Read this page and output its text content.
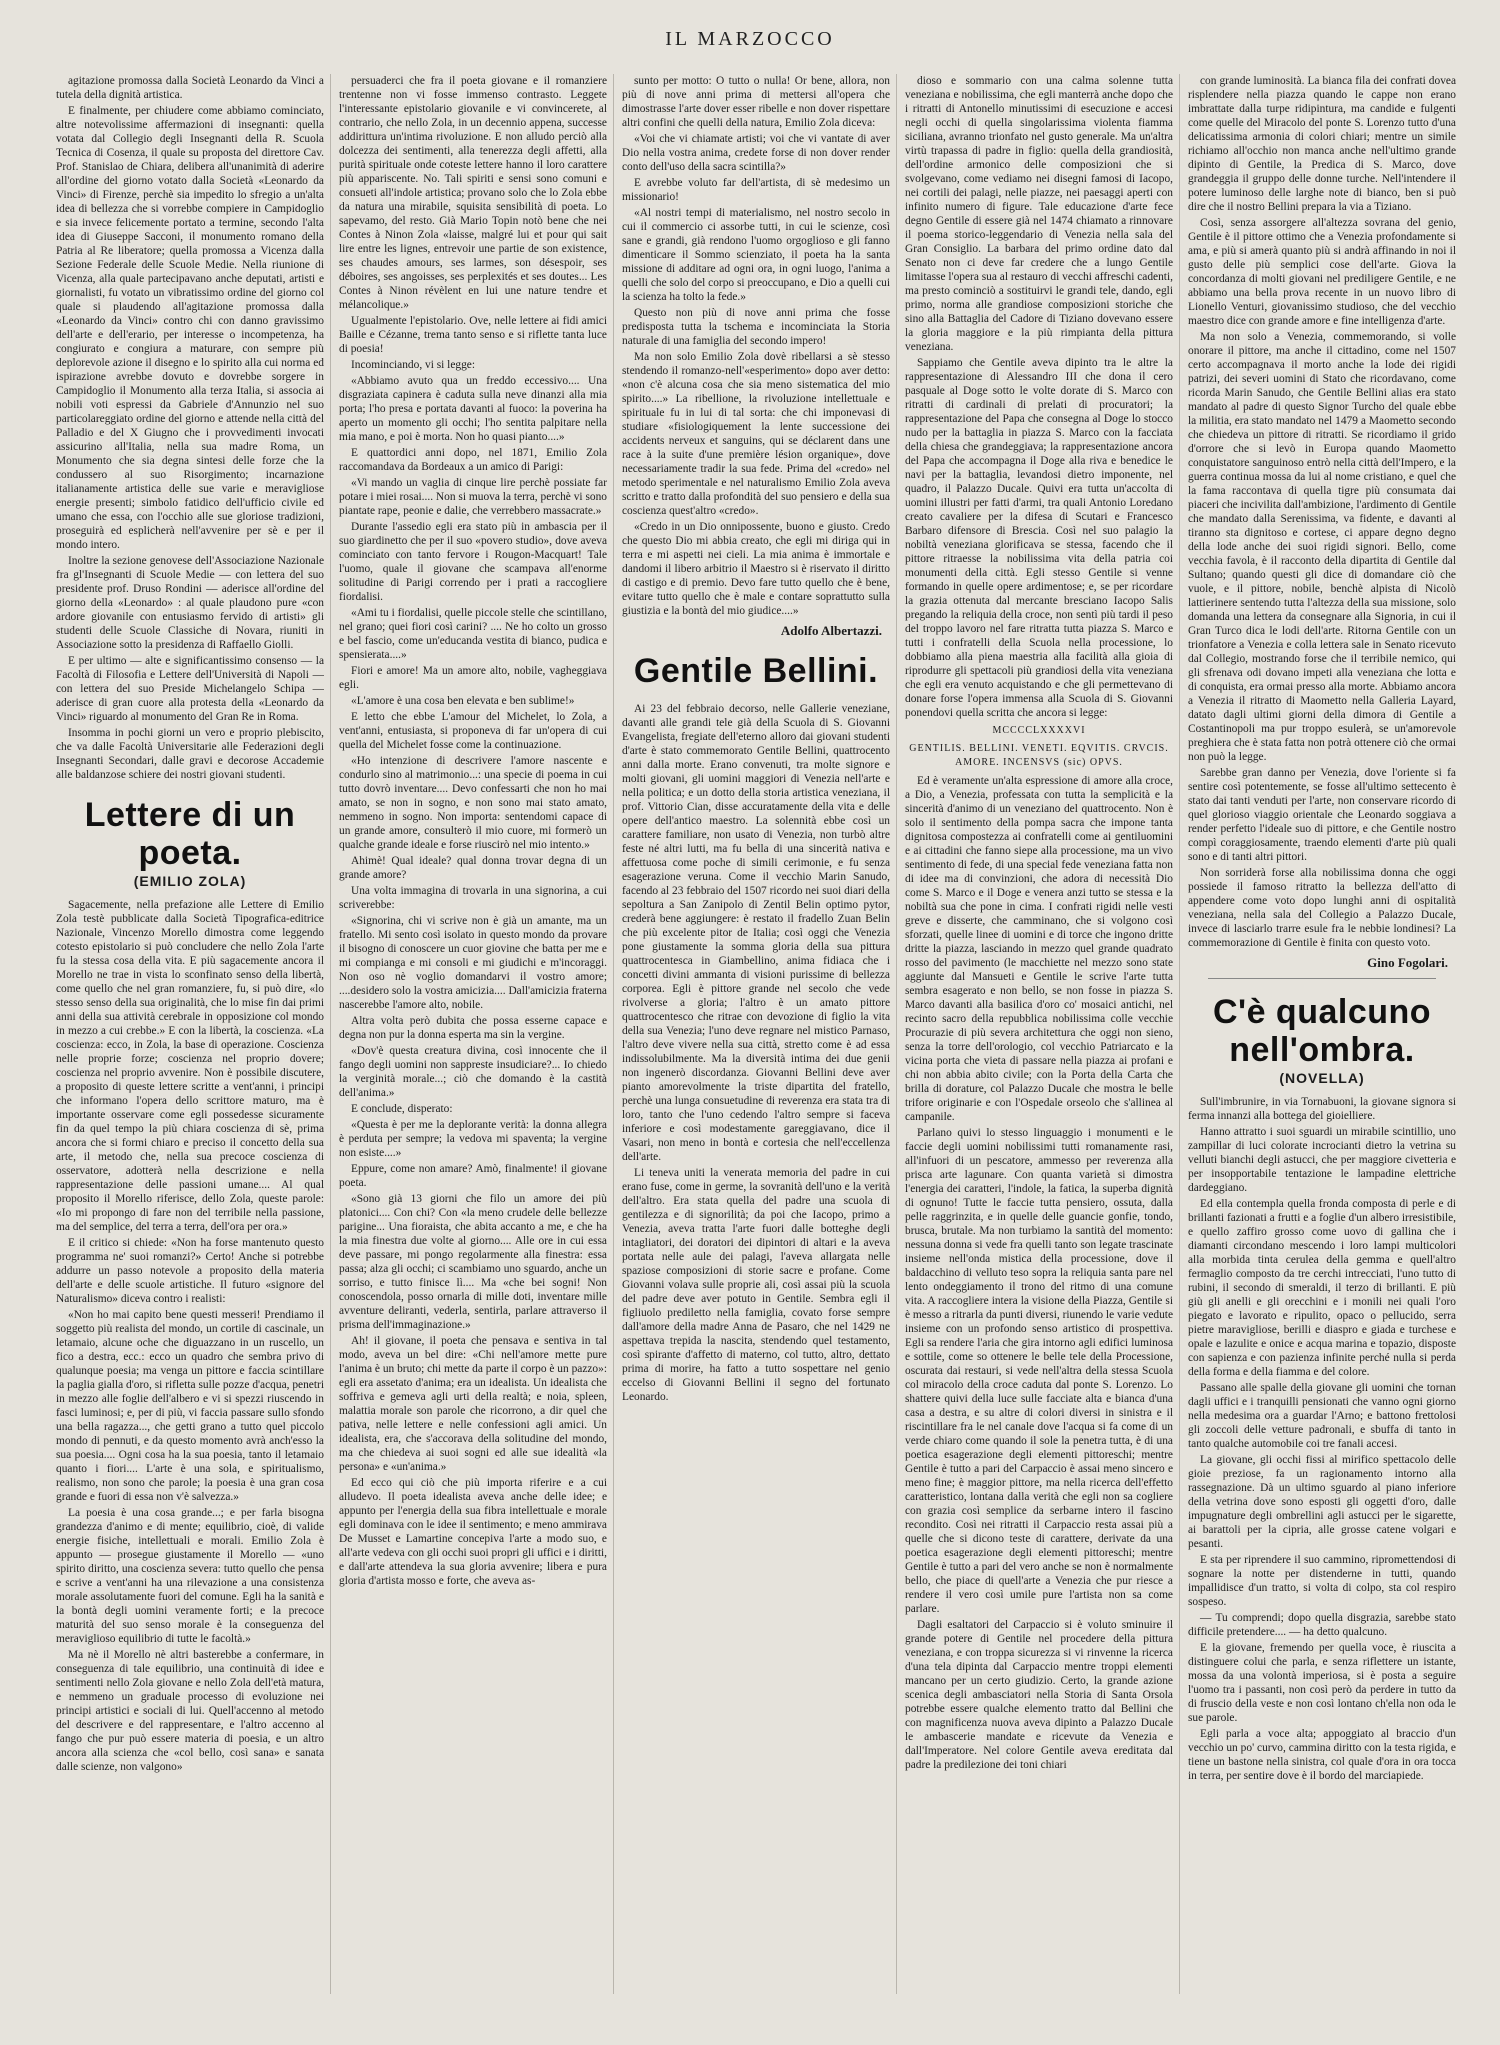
IL MARZOCCO

agitazione promossa dalla Società Leonardo da Vinci a tutela della dignità artistica.

E finalmente, per chiudere come abbiamo cominciato, altre notevolissime affermazioni di insegnanti: quella votata dal Collegio degli Insegnanti della R. Scuola Tecnica di Cosenza, il quale su proposta del direttore Cav. Prof. Stanislao de Chiara, delibera all'unanimità di aderire all'ordine del giorno votato dalla Società «Leonardo da Vinci» di Firenze, perchè sia impedito lo sfregio a un'alta idea di bellezza che si vorrebbe compiere in Campidoglio e sia invece felicemente portato a termine, secondo l'alta idea di Giuseppe Sacconi, il monumento romano della Patria al Re liberatore; quella promossa a Vicenza dalla Sezione Federale delle Scuole Medie. Nella riunione di Vicenza, alla quale partecipavano anche deputati, artisti e giornalisti, fu votato un vibratissimo ordine del giorno col quale si plaudendo all'agitazione promossa dalla «Leonardo da Vinci» contro chi con danno gravissimo dell'arte e dell'erario, per interesse o incompetenza, ha congiurato e congiura a maturare, con sempre più deplorevole azione il disegno e lo spirito alla cui norma ed ispirazione avrebbe dovuto e dovrebbe sorgere in Campidoglio il Monumento alla terza Italia, si associa ai nobili voti espressi da Gabriele d'Annunzio nel suo particolareggiato ordine del giorno e attende nella città del Palladio e del X Giugno che i provvedimenti invocati assicurino all'Italia, nella sua madre Roma, un Monumento che sia degna sintesi delle forze che la condussero al suo Risorgimento; incarnazione italianamente artistica delle sue varie e meravigliose energie presenti; simbolo fatidico dell'ufficio civile ed umano che essa, con l'occhio alle sue gloriose tradizioni, proseguirà ed esplicherà nell'avvenire per sè e per il mondo intero.

Inoltre la sezione genovese dell'Associazione Nazionale fra gl'Insegnanti di Scuole Medie — con lettera del suo presidente prof. Druso Rondini — aderisce all'ordine del giorno della «Leonardo» : al quale plaudono pure «con ardore giovanile con entusiasmo fervido di artisti» gli studenti delle Scuole Classiche di Novara, riuniti in Associazione sotto la presidenza di Raffaello Giolli.

E per ultimo — alte e significantissimo consenso — la Facoltà di Filosofia e Lettere dell'Università di Napoli — con lettera del suo Preside Michelangelo Schipa — aderisce di gran cuore alla protesta della «Leonardo da Vinci» riguardo al monumento del Gran Re in Roma.

Insomma in pochi giorni un vero e proprio plebiscito, che va dalle Facoltà Universitarie alle Federazioni degli Insegnanti Secondari, dalle gravi e decorose Accademie alle baldanzose schiere dei nostri giovani studenti.

Lettere di un poeta.
(EMILIO ZOLA)

Sagacemente, nella prefazione alle Lettere di Emilio Zola testè pubblicate dalla Società Tipografica-editrice Nazionale, Vincenzo Morello dimostra come leggendo cotesto epistolario si può concludere che nello Zola l'arte fu la stessa cosa della vita. E più sagacemente ancora il Morello ne trae in vista lo sconfinato senso della libertà, come quello che nel gran romanziere, fu, si può dire, «lo stesso senso della sua originalità, che lo mise fin dai primi anni della sua attività cerebrale in opposizione col mondo in mezzo a cui crebbe.» E con la libertà, la coscienza. «La coscienza: ecco, in Zola, la base di operazione. Coscienza nelle proprie forze; coscienza nel proprio dovere; coscienza nel proprio avvenire. Non è possibile discutere, a proposito di queste lettere scritte a vent'anni, i principi che informano l'opera dello scrittore maturo, ma è importante osservare come egli possedesse sicuramente fin da quel tempo la più chiara coscienza di sè, prima ancora che si formi chiaro e preciso il concetto della sua arte, il metodo che, nella sua precoce coscienza di osservatore, adotterà nella descrizione e nella rappresentazione delle passioni umane.... Al qual proposito il Morello riferisce, dello Zola, queste parole: «Io mi propongo di fare non del terribile nella passione, ma del semplice, del terra a terra, dell'ora per ora.»

E il critico si chiede: «Non ha forse mantenuto questo programma ne' suoi romanzi?» Certo! Anche si potrebbe addurre un passo notevole a proposito della materia dell'arte e delle scuole artistiche. Il futuro «signore del Naturalismo» diceva contro i realisti:

«Non ho mai capito bene questi messeri! Prendiamo il soggetto più realista del mondo, un cortile di cascinale, un letamaio, alcune oche che diguazzano in un ruscello, un fico a destra, ecc.: ecco un quadro che sembra privo di qualunque poesia; ma venga un pittore e faccia scintillare la paglia gialla d'oro, si rifletta sulle pozze d'acqua, penetri in mezzo alle foglie dell'albero e vi si spezzi riuscendo in fasci luminosi; e, per di più, vi faccia passare sullo sfondo una bella ragazza..., che getti grano a tutto quel piccolo mondo di pennuti, e da questo momento avrà anch'esso la sua poesia.... Ogni cosa ha la sua poesia, tanto il letamaio quanto i fiori.... L'arte è una sola, e spiritualismo, realismo, non sono che parole; la poesia è una gran cosa grande e fuori di essa non v'è salvezza.»

La poesia è una cosa grande...; e per farla bisogna grandezza d'animo e di mente; equilibrio, cioè, di valide energie fisiche, intellettuali e morali. Emilio Zola è appunto — prosegue giustamente il Morello — «uno spirito diritto, una coscienza severa: tutto quello che pensa e scrive a vent'anni ha una rilevazione a una consistenza morale assolutamente fuori del comune. Egli ha la sanità e la bontà degli uomini veramente forti; e la precoce maturità del suo senso morale è la conseguenza del meraviglioso equilibrio di tutte le facoltà.»

Ma nè il Morello nè altri basterebbe a confermare, in conseguenza di tale equilibrio, una continuità di idee e sentimenti nello Zola giovane e nello Zola dell'età matura, e nemmeno un graduale processo di evoluzione nei principi artistici e sociali di lui. Quell'accenno al metodo del descrivere e del rappresentare, e l'altro accenno al fango che pur può essere materia di poesia, e un altro ancora alla scienza che «col bello, così sana» e sanata dalle scienze, non valgono»

persuaderci che fra il poeta giovane e il romanziere trentenne non vi fosse immenso contrasto. Leggete l'interessante epistolario giovanile e vi convincerete, al contrario, che nello Zola, in un decennio appena, successe addirittura un'intima rivoluzione. E non alludo perciò alla dolcezza dei sentimenti, alla tenerezza degli affetti, alla purità spirituale onde coteste lettere hanno il loro carattere più appariscente. No. Tali spiriti e sensi sono comuni e consueti all'indole artistica; provano solo che lo Zola ebbe da natura una mirabile, squisita sensibilità di poeta. Lo sapevamo, del resto. Già Mario Topin notò bene che nei Contes à Ninon Zola «laisse, malgré lui et pour qui sait lire entre les lignes, entrevoir une partie de son existence, ses chaudes amours, ses larmes, son désespoir, ses déboires, ses angoisses, ses perplexités et ses doutes... Les Contes à Ninon révèlent en lui une nature tendre et mélancolique.»

Ugualmente l'epistolario. Ove, nelle lettere ai fidi amici Baille e Cézanne, trema tanto senso e si riflette tanta luce di poesia!

Incominciando, vi si legge:

«Abbiamo avuto qua un freddo eccessivo.... Una disgraziata capinera è caduta sulla neve dinanzi alla mia porta; l'ho presa e portata davanti al fuoco: la poverina ha aperto un momento gli occhi; l'ho sentita palpitare nella mia mano, e poi è morta. Non ho quasi pianto....»

E quattordici anni dopo, nel 1871, Emilio Zola raccomandava da Bordeaux a un amico di Parigi:

«Vi mando un vaglia di cinque lire perchè possiate far potare i miei rosai.... Non si muova la terra, perchè vi sono piantate rape, peonie e dalie, che verrebbero massacrate.»

Durante l'assedio egli era stato più in ambascia per il suo giardinetto che per il suo «povero studio», dove aveva cominciato con tanto fervore i Rougon-Macquart! Tale l'uomo, quale il giovane che scampava all'enorme solitudine di Parigi correndo per i prati a raccogliere fiordalisi.

«Ami tu i fiordalisi, quelle piccole stelle che scintillano, nel grano; quei fiori così carini? .... Ne ho colto un grosso e bel fascio, come un'educanda vestita di bianco, pudica e spensierata....»

Fiori e amore! Ma un amore alto, nobile, vagheggiava egli.

«L'amore è una cosa ben elevata e ben sublime!»

E letto che ebbe L'amour del Michelet, lo Zola, a vent'anni, entusiasta, si proponeva di far un'opera di cui quella del Michelet fosse come la continuazione.

«Ho intenzione di descrivere l'amore nascente e condurlo sino al matrimonio...: una specie di poema in cui tutto dovrò inventare.... Devo confessarti che non ho mai amato, se non in sogno, e non sono mai stato amato, nemmeno in sogno. Non importa: sentendomi capace di un grande amore, consulterò il mio cuore, mi formerò un qualche grande ideale e forse riuscirò nel mio intento.»

Ahimè! Qual ideale? qual donna trovar degna di un grande amore?

Una volta immagina di trovarla in una signorina, a cui scriverebbe:

«Signorina, chi vi scrive non è già un amante, ma un fratello. Mi sento così isolato in questo mondo da provare il bisogno di conoscere un cuor giovine che batta per me e mi compiangа e mi consoli e mi giudichi e m'incoraggi. Non oso nè voglio domandarvi il vostro amore; ....desidero solo la vostra amicizia.... Dall'amicizia fraterna nascerebbe l'amore alto, nobile.

Altra volta però dubita che possa esserne capace e degna non pur la donna esperta ma sin la vergine.

«Dov'è questa creatura divina, così innocente che il fango degli uomini non sappreste insudiciare?... Io chiedo la verginità morale...; ciò che domando è la castità dell'anima.»

E conclude, disperato:

«Questa è per me la deplorante verità: la donna allegra è perduta per sempre; la vedova mi spaventa; la vergine non esiste....»

Eppure, come non amare? Amò, finalmente! il giovane poeta.

«Sono già 13 giorni che filo un amore dei più platonici.... Con chi? Con «la meno crudele delle bellezze parigine... Una fioraista, che abita accanto a me, e che ha la mia finestra due volte al giorno.... Alle ore in cui essa deve passare, mi pongo regolarmente alla finestra: essa passa; alza gli occhi; ci scambiamo uno sguardo, anche un sorriso, e tutto finisce lì.... Ma «che bei sogni! Non conoscendola, posso ornarla di mille doti, inventare mille avventure deliranti, vederla, sentirla, parlare attraverso il prisma dell'immaginazione.»

Ah! il giovane, il poeta che pensava e sentiva in tal modo, aveva un bel dire: «Chi nell'amore mette pure l'anima è un bruto; chi mette da parte il corpo è un pazzo»: egli era assetato d'anima; era un idealista. Un idealista che soffriva e gemeva agli urti della realtà; e noia, spleen, malattia morale son parole che ricorrono, a dir quel che pativa, nelle lettere e nelle confessioni agli amici. Un idealista, era, che s'accorava della solitudine del mondo, ma che chiedeva ai suoi sogni ed alle sue idealità «la persona» e «un'anima.»

Ed ecco qui ciò che più importa riferire e a cui alludevo. Il poeta idealista aveva anche delle idee; e appunto per l'energia della sua fibra intellettuale e morale egli dominava con le idee il sentimento; e meno ammirava De Musset e Lamartine concepiva l'arte a modo suo, e all'arte vedeva con gli occhi suoi propri gli uffici e i diritti, e dall'arte attendeva la sua gloria avvenire; libera e pura gloria d'artista mosso e forte, che aveva as-

sunto per motto: O tutto o nulla! Or bene, allora, non più di nove anni prima di mettersi all'opera che dimostrasse l'arte dover esser ribelle e non dover rispettare altri confini che quelli della natura, Emilio Zola diceva:

«Voi che vi chiamate artisti; voi che vi vantate di aver Dio nella vostra anima, credete forse di non dover render conto dell'uso della sacra scintilla?»

E avrebbe voluto far dell'artista, di sè medesimo un missionario!

«Al nostri tempi di materialismo, nel nostro secolo in cui il commercio ci assorbe tutti, in cui le scienze, così sane e grandi, già rendono l'uomo orgoglioso e gli fanno dimenticare il Sommo scienziato, il poeta ha la santa missione di additare ad ogni ora, in ogni luogo, l'anima a quelli che solo del corpo si preoccupano, e Dio a quelli cui la scienza ha tolto la fede.»

Questo non più di nove anni prima che fosse predisposta tutta la tschema e incominciata la Storia naturale di una famiglia del secondo impero!

Ma non solo Emilio Zola dovè ribellarsi a sè stesso stendendo il romanzo-nell'«esperimento» dopo aver detto: «non c'è alcuna cosa che sia meno sistematica del mio spirito....» La ribellione, la rivoluzione intellettuale e spirituale fu in lui di tal sorta: che chi imponevasi di studiare «fisiologiquement la lente successione dei accidents nerveux et sanguins, qui se déclarent dans une race à la suite d'une première lésion organique», dove necessariamente tradir la sua fede. Prima del «credo» nel metodo sperimentale e nel naturalismo Emilio Zola aveva scritto e tratto dalla profondità del suo pensiero e della sua coscienza quest'altro «credo».

«Credo in un Dio onnipossente, buono e giusto. Credo che questo Dio mi abbia creato, che egli mi diriga qui in terra e mi aspetti nei cieli. La mia anima è immortale e dandomi il libero arbitrio il Maestro si è riservato il diritto di castigo e di premio. Devo fare tutto quello che è bene, evitare tutto quello che è male e contare soprattutto sulla giustizia e la bontà del mio giudice....»

Adolfo Albertazzi.
Gentile Bellini.

Ai 23 del febbraio decorso, nelle Gallerie veneziane, davanti alle grandi tele già della Scuola di S. Giovanni Evangelista, fregiate dell'eterno alloro dai giovani studenti d'arte è stato commemorato Gentile Bellini, quattrocento anni dalla morte. Erano convenuti, tra molte signore e molti giovani, gli uomini maggiori di Venezia nell'arte e nella politica; e un dotto della storia artistica veneziana, il prof. Vittorio Cian, disse accuratamente della vita e delle opere dell'antico maestro. La solennità ebbe così un carattere familiare, non usato di Venezia, non turbò altre feste né altri lutti, ma fu bella di una sincerità nativa e affettuosa come poche di simili cerimonie, e fu senza esagerazione veruna. Come il vecchio Marin Sanudo, facendo al 23 febbraio del 1507 ricordo nei suoi diari della sepoltura a San Zanipolo di Zentil Belin optimo pytor, crederà bene aggiungere: è restato il fradello Zuan Belin che più excelente pitor de Italia; così oggi che Venezia pone giustamente la somma gloria della sua pittura quattrocentesca in Giambellino, anima fidiaca che i concetti divini ammanta di visioni purissime di bellezza corporea. Egli è pittore grande nel secolo che vede rivolverse a gloria; l'altro è un amato pittore quattrocentesco che ritrae con devozione di figlio la vita della sua Venezia; l'uno deve regnare nel mistico Parnaso, l'altro deve vivere nella sua città, stretto come è ad essa indissolubilmente. Ma la diversità intima dei due genii non ingenerò discordanza. Giovanni Bellini deve aver pianto amorevolmente la triste dipartita del fratello, perchè una lunga consuetudine di reverenza era stata tra di loro, tanto che l'uno cedendo l'altro sempre si faceva inferiore e così modestamente gareggiavano, dice il Vasari, non meno in bontà e cortesia che nell'eccellenza dell'arte.

Li teneva uniti la venerata memoria del padre in cui erano fuse, come in germe, la sovranità dell'uno e la verità dell'altro. Era stata quella del padre una scuola di gentilezza e di signorilità; da poi che Iacopo, primo a Venezia, aveva tratta l'arte fuori dalle botteghe degli intagliatori, dei doratori dei dipintori di altari e la aveva portata nelle aule dei palagi, l'aveva allargata nelle spaziose composizioni di storie sacre e profane. Come Giovanni volava sulle proprie ali, così assai più la scuola del padre deve aver potuto in Gentile. Sembra egli il figliuolo prediletto nella famiglia, covato forse sempre dall'amore della madre Anna de Pasaro, che nel 1429 ne aspettava trepida la nascita, stendendo quel testamento, così spirante d'affetto di materno, col tutto, altro, dettato prima di morire, ha fatto a tutto sospettare nel genio eccelso di Giovanni Bellini il segno del fortunato Leonardo.

dioso e sommario con una calma solenne tutta veneziana e nobilissima, che egli manterrà anche dopo che i ritratti di Antonello minutissimi di esecuzione e accesi negli occhi di quella singolarissima violenta fiamma siciliana, avranno trionfato nel gusto generale. Ma un'altra virtù trapassa di padre in figlio: quella della grandiosità, dell'ordine armonico delle composizioni che si svolgevano, come vediamo nei disegni famosi di Iacopo, nei cortili dei palagi, nelle piazze, nei paesaggi aperti con infinito numero di figure. Tale educazione d'arte fece degno Gentile di essere già nel 1474 chiamato a rinnovare il poema storico-leggendario di Venezia nella sala del Gran Consiglio. La barbara del primo ordine dato dal Senato non ci deve far credere che a lungo Gentile limitasse l'opera sua al restauro di vecchi affreschi cadenti, ma presto cominciò a sostituirvi le grandi tele, dando, egli primo, norma alle grandiose composizioni storiche che sino alla Battaglia del Cadore di Tiziano dovevano essere la gloria maggiore e la più rimpianta della pittura veneziana.

Sappiamo che Gentile aveva dipinto tra le altre la rappresentazione di Alessandro III che dona il cero pasquale al Doge sotto le volte dorate di S. Marco con ritratti di cardinali di prelati di procuratori; la rappresentazione del Papa che consegna al Doge lo stocco nudo per la battaglia in piazza S. Marco con la facciata della chiesa che grandeggiava; la rappresentazione ancora del Papa che accompagna il Doge alla riva e benedice le navi per la battaglia, levandosi dietro imponente, nel quadro, il Palazzo Ducale. Quivi era tutta un'accolta di uomini illustri per fatti d'armi, tra quali Antonio Loredano creato cavaliere per la difesa di Scutari e Francesco Barbaro difensore di Brescia. Così nel suo palagio la nobiltà veneziana glorificava se stessa, facendo che il pittore ritraesse la nobilissima vita della patria coi monumenti della città. Egli stesso Gentile si venne formando in quelle opere ardimentose; e, se per ricordare la grazia ottenuta dal mercante bresciano Iacopo Salis pregando la reliquia della croce, non sentì più tardi il peso del troppo lavoro nel fare ritratta tutta piazza S. Marco e tutti i confratelli della Scuola nella processione, lo dobbiamo alla piena maestria alla facilità alla gioia di riprodurre gli spettacoli più grandiosi della vita veneziana che egli era venuto acquistando e che gli permettevano di donare forse l'opera immensa alla Scuola di S. Giovanni ponendovi quella scritta che ancora si legge:

MCCCCLXXXXVI
GENTILIS. BELLINI. VENETI. EQVITIS. CRVCIS. AMORE. INCENSVS (sic) OPVS.

Ed è veramente un'alta espressione di amore alla croce, a Dio, a Venezia, professata con tutta la semplicità e la sincerità d'animo di un veneziano del quattrocento. Non è solo il sentimento della pompa sacra che impone tanta dignitosa compostezza ai confratelli come ai gentiluomini e ai cittadini che fanno siepe alla processione, ma un vivo sentimento di fede, di una special fede veneziana fatta non di idee ma di convinzioni, che adora di necessità Dio come S. Marco e il Doge e venera anzi tutto se stessa e la nobiltà sua che pone in cima. I confrati rigidi nelle vesti greve e disserte, che camminano, che si volgono così sforzati, quelle linee di uomini e di torce che ingono dritte dritte la piazza, lasciando in mezzo quel grande quadrato rosso del pavimento (le macchiette nel mezzo sono state aggiunte dal Mansueti e Gentile le scrive l'arte tutta sembra esagerato e non bello, se non fosse in piazza S. Marco davanti alla basilica d'oro co' mosaici antichi, nel recinto sacro della repubblica nobilissima colle vecchie Procurazie di più severa architettura che oggi non sieno, senza la torre dell'orologio, col vecchio Patriarcato e la vicina porta che vieta di passare nella piazza ai profani e chi non abbia abito civile; con la Porta della Carta che brilla di dorature, col Palazzo Ducale che mostra le belle trifore originarie e con l'Ospedale orseolo che s'allinea al campanile.

Parlano quivi lo stesso linguaggio i monumenti e le faccie degli uomini nobilissimi tutti romanamente rasi, all'infuori di un pescatore, ammesso per reverenza alla prisca arte lagunare. Con quanta varietà si dimostra l'energia dei caratteri, l'indole, la fatica, la superba dignità di ognuno! Tutte le faccie tutta pensiero, ossuta, dalla pelle raggrinzita, e in quelle delle guancie gonfie, tondo, brusca, brutale. Ma non turbiamo la santità del momento: nessuna donna si vede fra quelli tanto son legate trascinate insieme nell'onda mistica della processione, dove il baldacchino di velluto teso sopra la reliquia santa pare nel lento ondeggiamento il trono del ritmo di una comune vita. A raccogliere intera la visione della Piazza, Gentile si è messo a ritrarla da punti diversi, riunendo le varie vedute insieme con un profondo senso artistico di prospettiva. Egli sa rendere l'aria che gira intorno agli edifici luminosa e sottile, come so ottenere le belle tele della Processione, oscurata dai restauri, si vede nell'altra della stessa Scuola col miracolo della croce caduta dal ponte S. Lorenzo. Lo shattere quivi della luce sulle facciate alta e bianca d'una casa a destra, e su altre di colori diversi in sinistra e il riscintillare fra le nel canale dove l'acqua si fa come di un verde chiaro come quando il sole la penetra tutta, è di una poetica esagerazione degli elementi pittoreschi; mentre Gentile è tutto a pari del Carpaccio è assai meno sincero e meno fine; è maggior pittore, ma nella ricerca dell'effetto caratteristico, lontana dalla verità che egli non sa cogliere con grazia così semplice da serbarne intero il fascino recondito. Così nei ritratti il Carpaccio resta assai più a quelle che si dicono teste di carattere, derivate da una poetica esagerazione degli elementi pittoreschi; mentre Gentile è tutto a pari del vero anche se non è normalmente bello, che piace di quell'arte a Venezia che pur riesce a rendere il vero così umile pure l'artista non sa come parlare.

Dagli esaltatori del Carpaccio si è voluto sminuire il grande potere di Gentile nel procedere della pittura veneziana, e con troppa sicurezza si vi rinvenne la ricerca d'una tela dipinta dal Carpaccio mentre troppi elementi mancano per un certo giudizio. Certo, la grande azione scenica degli ambasciatori nella Storia di Santa Orsola potrebbe essere qualche elemento tratto dal Bellini che con magnificenza nuova aveva dipinto a Palazzo Ducale le ambascerie mandate e ricevute da Venezia e dall'Imperatore. Nel colore Gentile aveva ereditata dal padre la predilezione dei toni chiari

con grande luminosità. La bianca fila dei confrati dovea risplendere nella piazza quando le cappe non erano imbrattate dalla turpe ridipintura, ma candide e fulgenti come quelle del Miracolo del ponte S. Lorenzo tutto d'una delicatissima armonia di colori chiari; mentre un simile richiamo all'occhio non manca anche nell'ultimo grande dipinto di Gentile, la Predica di S. Marco, dove grandeggia il gruppo delle donne turche. Nell'intendere il potere luminoso delle larghe note di bianco, ben si può dire che il nostro Bellini prepara la via a Tiziano.

Così, senza assorgere all'altezza sovrana del genio, Gentile è il pittore ottimo che a Venezia profondamente si ama, e più si amerà quanto più si andrà affinando in noi il gusto delle più semplici cose dell'arte. Giova la concordanza di molti giovani nel prediligere Gentile, e ne abbiamo una bella prova recente in un nuovo libro di Lionello Venturi, giovanissimo studioso, che del vecchio maestro dice con grande amore e fine intelligenza d'arte.

Ma non solo a Venezia, commemorando, si volle onorare il pittore, ma anche il cittadino, come nel 1507 certo accompagnava il morto anche la lode dei rigidi patrizi, dei severi uomini di Stato che ricordavano, come ricorda Marin Sanudo, che Gentile Bellini alias era stato mandato al padre di questo Signor Turcho del quale ebbe la militia, era stato mandato nel 1479 a Maometto secondo che chiedeva un pittore di ritratti. Se ricordiamo il grido d'orrore che si levò in Europa quando Maometto conquistatore sanguinoso entrò nella città dell'Impero, e la guerra continua mossa da lui al nome cristiano, e quel che la fama raccontava di quella tigre più consumata dai piaceri che incivilita dall'ambizione, l'ardimento di Gentile che mandato dalla Serenissima, va fidente, e davanti al tiranno sta dignitoso e cortese, ci appare degno degno della lode anche dei suoi rigidi signori. Bello, come vecchia favola, è il racconto della dipartita di Gentile dal Sultano; quando questi gli dice di domandare ciò che vuole, e il pittore, nobile, benchè alpista di Nicolò lattierinere sentendo tutta l'altezza della sua missione, solo domanda una lettera da consegnare alla Signoria, in cui il Gran Turco dica le lodi dell'arte. Ritorna Gentile con un trionfatore a Venezia e colla lettera sale in Senato ricevuto dal Collegio, mostrando forse che il terribile nemico, qui gli sfrenava odi dovano impeti alla veneziana che lotta e di conquista, era ormai presso alla morte. Abbiamo ancora a Venezia il ritratto di Maometto nella Galleria Layard, datato dagli ultimi giorni della dimora di Gentile a Costantinopoli ma pur troppo esulerà, se un'amorevole preghiera che è stata fatta non potrà ottenere ciò che ormai non può la legge.

Sarebbe gran danno per Venezia, dove l'oriente si fa sentire così potentemente, se fosse all'ultimo settecento è stato dai tanti venduti per l'arte, non conservare ricordo di quel glorioso viaggio orientale che Leonardo soggiava a render perfetto l'ideale suo di pittore, e che Gentile nostro compì coraggiosamente, traendo elementi d'arte più quali sono e di tanti altri pittori.

Non sorriderà forse alla nobilissima donna che oggi possiede il famoso ritratto la bellezza dell'atto di appendere come voto dopo lunghi anni di ospitalità veneziana, nella sala del Collegio a Palazzo Ducale, invece di lasciarlo trarre esule fra le nebbie londinesi? La commemorazione di Gentile è finita con questo voto.

Gino Fogolari.
C'è qualcuno nell'ombra.
(NOVELLA)

Sull'imbrunire, in via Tornabuoni, la giovane signora si ferma innanzi alla bottega del gioielliere.

Hanno attratto i suoi sguardi un mirabile scintillio, uno zampillar di luci colorate incrocianti dietro la vetrina su velluti bianchi degli astucci, che per maggiore civetteria e per insopportabile tentazione le lampadine elettriche dardeggiano.

Ed ella contempla quella fronda composta di perle e di brillanti fazionati a frutti e a foglie d'un albero irresistibile, e quello zaffiro grosso come uovo di gallina che i diamanti circondano mescendo i loro lampi multicolori alla morbida tinta cerulea della gemma e quell'altro fermaglio composto da tre cerchi intrecciati, l'uno tutto di rubini, il secondo di smeraldi, il terzo di brillanti. E più giù gli anelli e gli orecchini e i monili nei quali l'oro piegato e lavorato e ripulito, opaco o pellucido, serra pietre maravigliose, berilli e diaspro e giada e turchese e opale e lazulite e onice e acqua marina e topazio, disposte con sapienza e con pazienza infinite perché nulla si perda della forma e della fiamma e del colore.

Passano alle spalle della giovane gli uomini che tornan dagli uffici e i tranquilli pensionati che vanno ogni giorno nella medesima ora a guardar l'Arno; e battono frettolosi gli zoccoli delle vetture padronali, e sbuffa di tanto in tanto qualche automobile coi tre fanali accesi.

La giovane, gli occhi fissi al mirifico spettacolo delle gioie preziose, fa un ragionamento intorno alla rassegnazione. Dà un ultimo sguardo al piano inferiore della vetrina dove sono esposti gli oggetti d'oro, dalle impugnature degli ombrellini agli astucci per le sigarette, ai barattoli per la cipria, alle grosse catene volgari e pesanti.

E sta per riprendere il suo cammino, ripromettendosi di sognare la notte per distenderne in tutti, quando impallidisce d'un tratto, si volta di colpo, sta col respiro sospeso.

— Tu comprendi; dopo quella disgrazia, sarebbe stato difficile pretendere.... — ha detto qualcuno.

E la giovane, fremendo per quella voce, è riuscita a distinguere colui che parla, e senza riflettere un istante, mossa da una volontà imperiosa, si è posta a seguire l'uomo tra i passanti, non così però da perdere in tutto da di fruscio della veste e non così lontano ch'ella non oda le sue parole.

Egli parla a voce alta; appoggiato al braccio d'un vecchio un po' curvo, cammina diritto con la testa rigida, e tiene un bastone nella sinistra, col quale d'ora in ora tocca in terra, per sentire dove è il bordo del marciapiede.
